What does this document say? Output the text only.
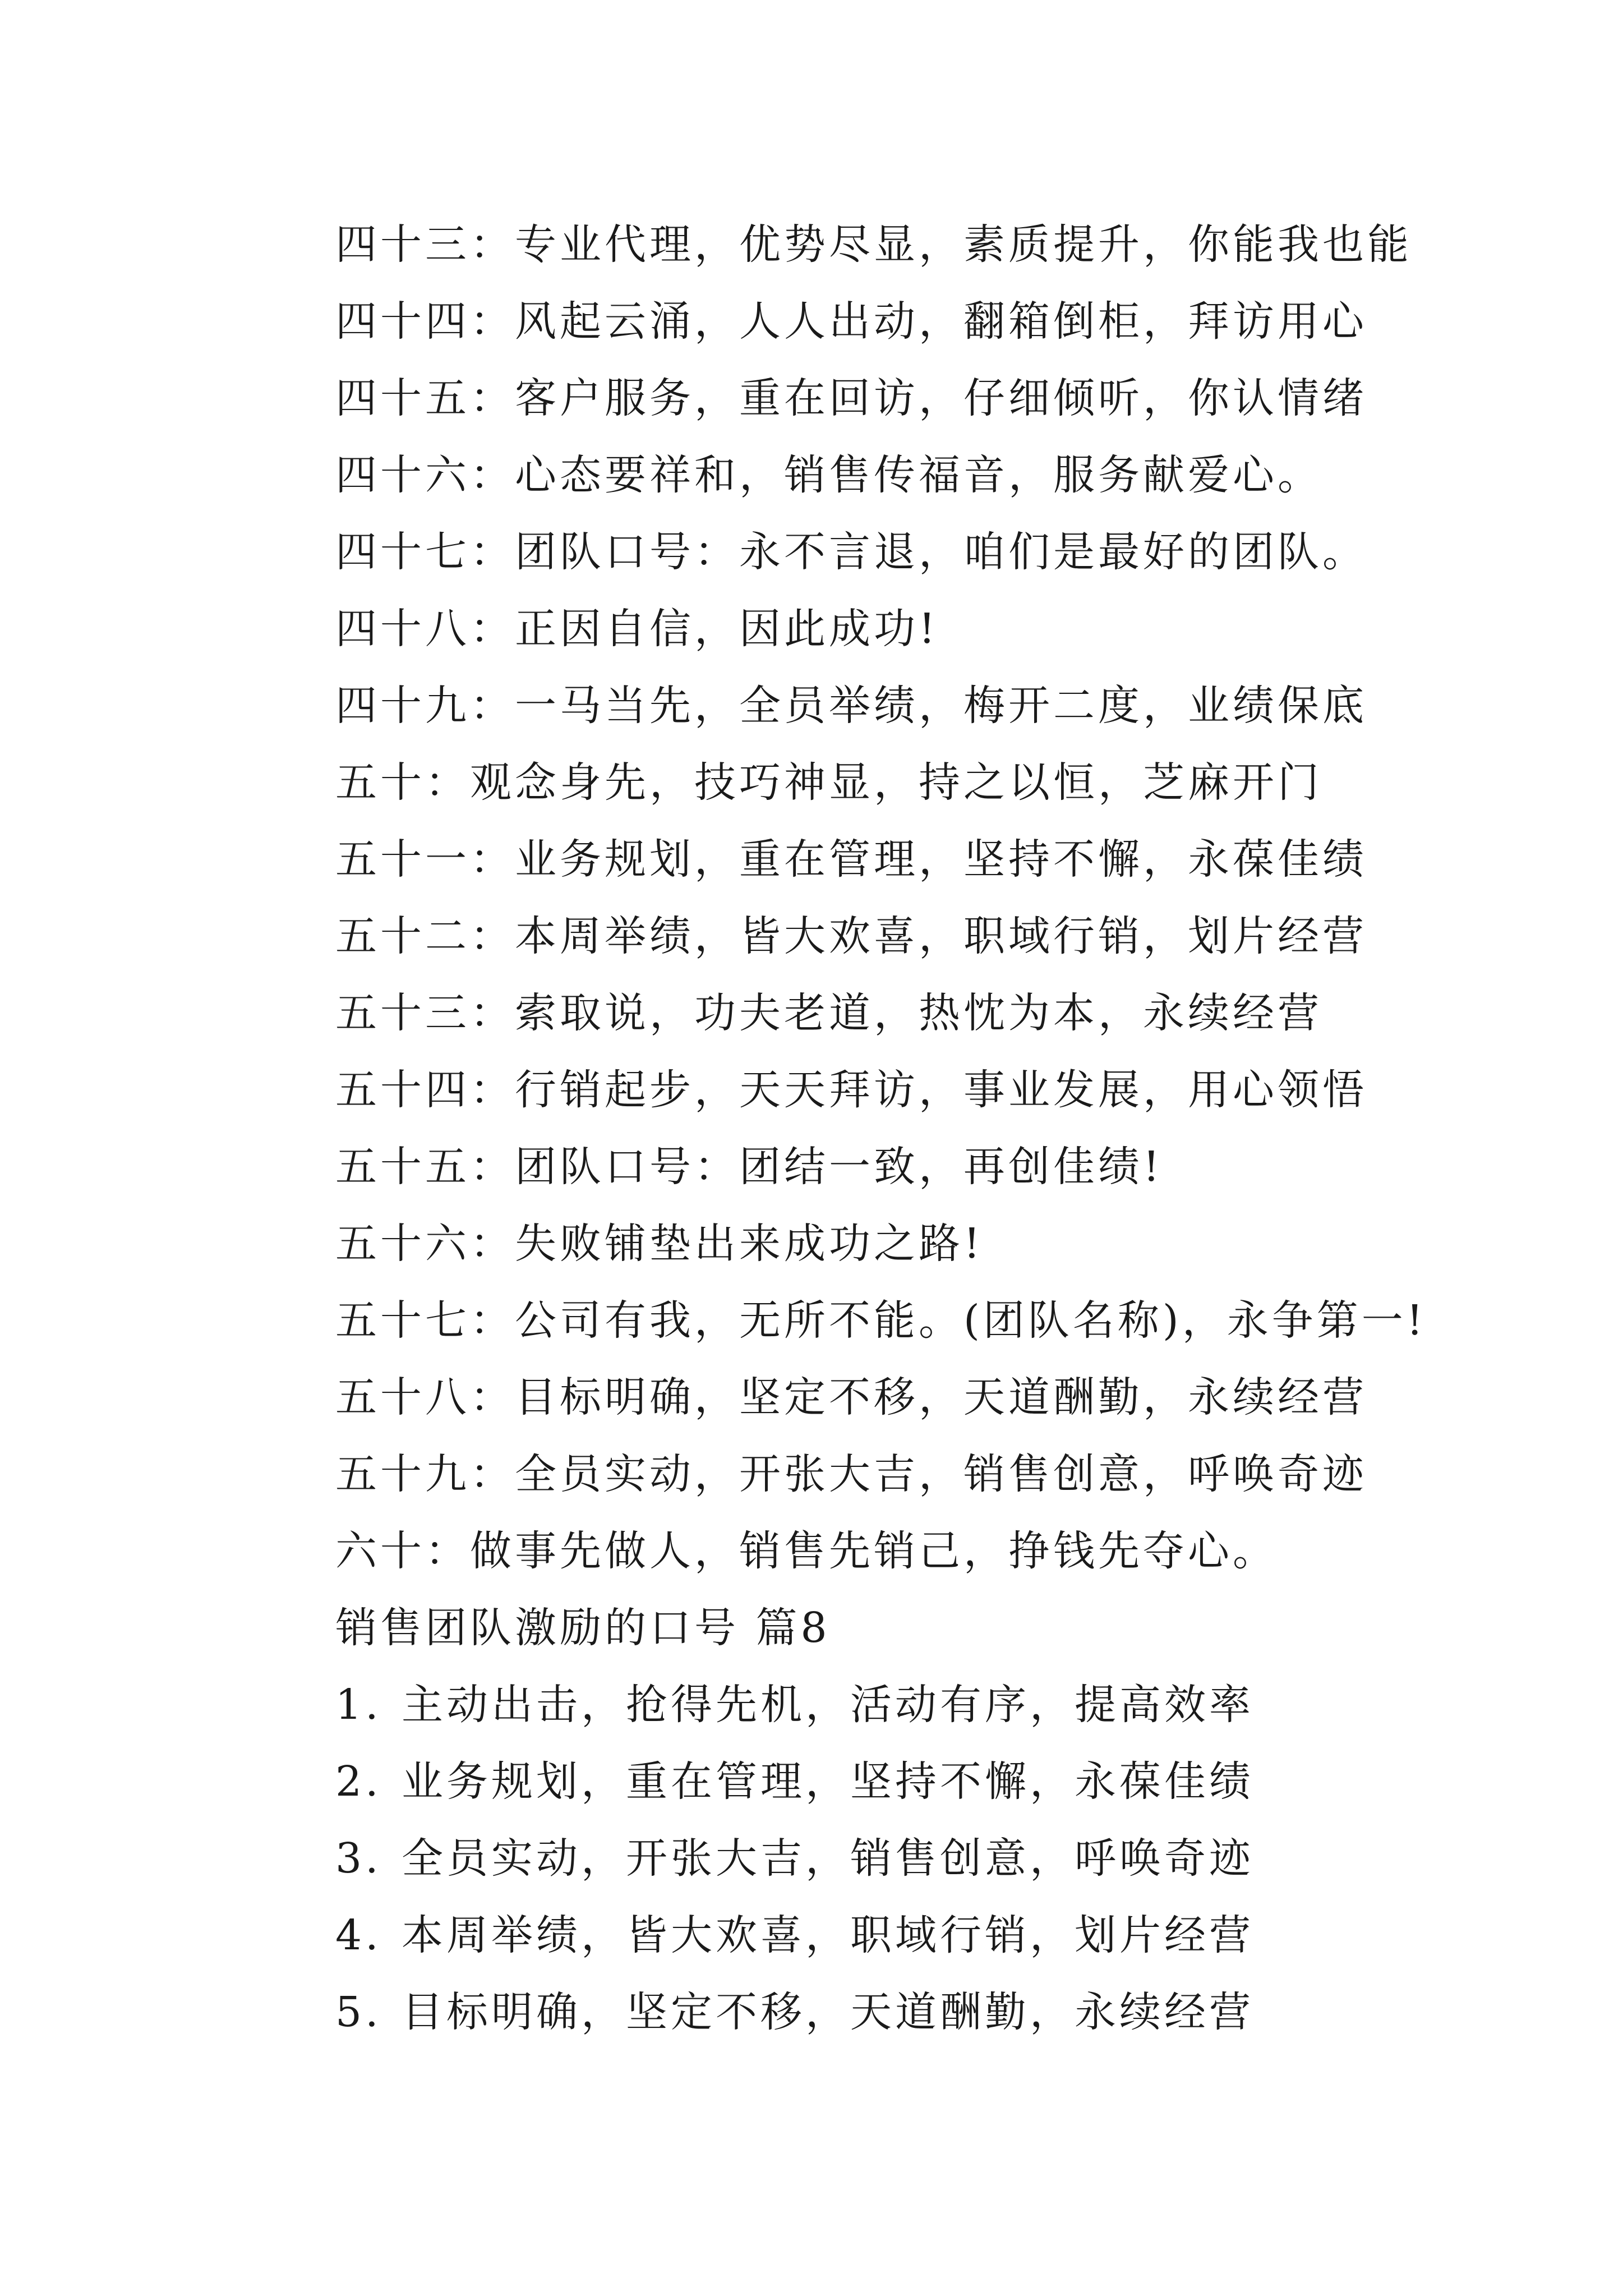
四十三：专业代理，优势尽显，素质提升，你能我也能
四十四：风起云涌，人人出动，翻箱倒柜，拜访用心
四十五：客户服务，重在回访，仔细倾听，你认情绪
四十六：心态要祥和，销售传福音，服务献爱心。
四十七：团队口号：永不言退，咱们是最好的团队。
四十八：正因自信，因此成功!
四十九：一马当先，全员举绩，梅开二度，业绩保底
五十：观念身先，技巧神显，持之以恒，芝麻开门
五十一：业务规划，重在管理，坚持不懈，永葆佳绩
五十二：本周举绩，皆大欢喜，职域行销，划片经营
五十三：索取说，功夫老道，热忱为本，永续经营
五十四：行销起步，天天拜访，事业发展，用心领悟
五十五：团队口号：团结一致，再创佳绩!
五十六：失败铺垫出来成功之路!
五十七：公司有我，无所不能。(团队名称)，永争第一!
五十八：目标明确，坚定不移，天道酬勤，永续经营
五十九：全员实动，开张大吉，销售创意，呼唤奇迹
六十：做事先做人，销售先销己，挣钱先夺心。
销售团队激励的口号 篇8
1. 主动出击，抢得先机，活动有序，提高效率
2. 业务规划，重在管理，坚持不懈，永葆佳绩
3. 全员实动，开张大吉，销售创意，呼唤奇迹
4. 本周举绩，皆大欢喜，职域行销，划片经营
5. 目标明确，坚定不移，天道酬勤，永续经营
